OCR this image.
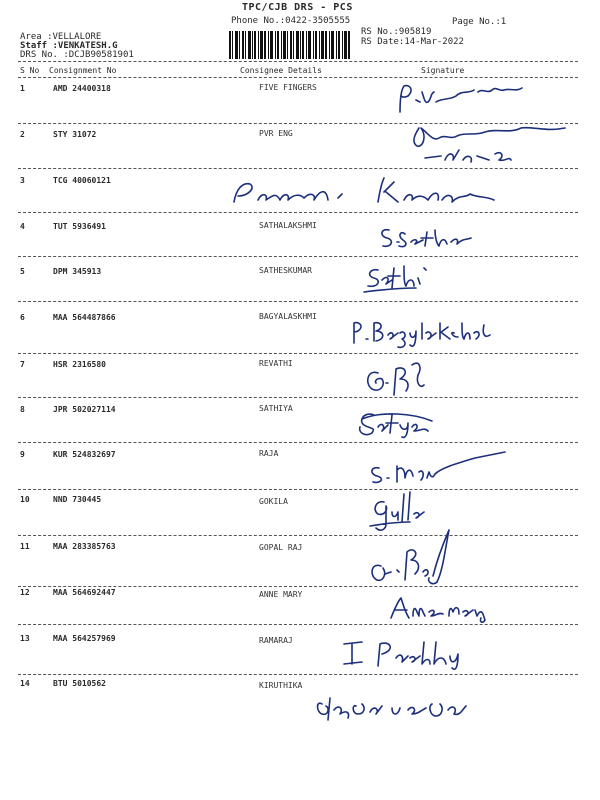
TPC/CJB DRS - PCS
Phone No.:0422-3505555	Page No.:1
Area :VELLALORE
Staff :VENKATESH.G
DRS No. :DCJB90581901
RS No.:905819
RS Date:14-Mar-2022
S No Consignment No	Consignee Details	Signature
1	AMD 24400318	FIVE FINGERS
2	STY 31072	PVR ENG
3	TCG 40060121
4	TUT 5936491	SATHALAKSHMI
5	DPM 345913	SATHESKUMAR
6	MAA 564487866	BAGYALASKHMI
7	HSR 2316580	REVATHI
8	JPR 502027114	SATHIYA
9	KUR 524832697	RAJA
10	NND 730445	GOKILA
11	MAA 283385763	GOPAL RAJ
12	MAA 564692447	ANNE MARY
13	MAA 564257969	RAMARAJ
14	BTU 5010562	KIRUTHIKA
